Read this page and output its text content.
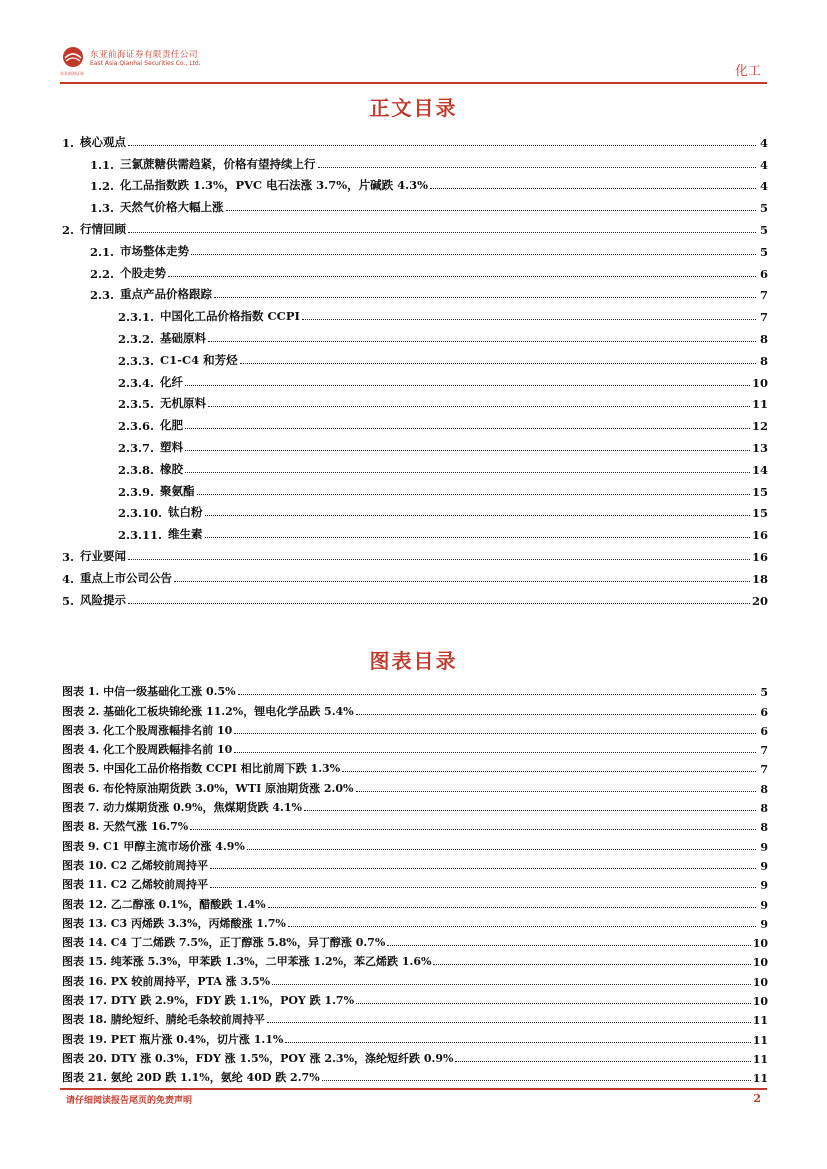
东亚前海证券有限责任公司
East Asia Qianhai Securities Co., Ltd.
东亚前海证券	化工
正文目录
1. 核心观点	4
1.1. 三氯蔗糖供需趋紧，价格有望持续上行	4
1.2. 化工品指数跌 1.3%，PVC 电石法涨 3.7%，片碱跌 4.3%	4
1.3. 天然气价格大幅上涨	5
2. 行情回顾	5
2.1. 市场整体走势	5
2.2. 个股走势	6
2.3. 重点产品价格跟踪	7
2.3.1. 中国化工品价格指数 CCPI	7
2.3.2. 基础原料	8
2.3.3. C1-C4 和芳烃	8
2.3.4. 化纤	10
2.3.5. 无机原料	11
2.3.6. 化肥	12
2.3.7. 塑料	13
2.3.8. 橡胶	14
2.3.9. 聚氨酯	15
2.3.10. 钛白粉	15
2.3.11. 维生素	16
3. 行业要闻	16
4. 重点上市公司公告	18
5. 风险提示	20
图表目录
图表 1. 中信一级基础化工涨 0.5%	5
图表 2. 基础化工板块锦纶涨 11.2%，锂电化学品跌 5.4%	6
图表 3. 化工个股周涨幅排名前 10	6
图表 4. 化工个股周跌幅排名前 10	7
图表 5. 中国化工品价格指数 CCPI 相比前周下跌 1.3%	7
图表 6. 布伦特原油期货跌 3.0%，WTI 原油期货涨 2.0%	8
图表 7. 动力煤期货涨 0.9%，焦煤期货跌 4.1%	8
图表 8. 天然气涨 16.7%	8
图表 9. C1 甲醇主流市场价涨 4.9%	9
图表 10. C2 乙烯较前周持平	9
图表 11. C2 乙烯较前周持平	9
图表 12. 乙二醇涨 0.1%，醋酸跌 1.4%	9
图表 13. C3 丙烯跌 3.3%，丙烯酸涨 1.7%	9
图表 14. C4 丁二烯跌 7.5%，正丁醇涨 5.8%，异丁醇涨 0.7%	10
图表 15. 纯苯涨 5.3%，甲苯跌 1.3%，二甲苯涨 1.2%，苯乙烯跌 1.6%	10
图表 16. PX 较前周持平，PTA 涨 3.5%	10
图表 17. DTY 跌 2.9%，FDY 跌 1.1%，POY 跌 1.7%	10
图表 18. 腈纶短纤、腈纶毛条较前周持平	11
图表 19. PET 瓶片涨 0.4%，切片涨 1.1%	11
图表 20. DTY 涨 0.3%，FDY 涨 1.5%，POY 涨 2.3%，涤纶短纤跌 0.9%	11
图表 21. 氨纶 20D 跌 1.1%，氨纶 40D 跌 2.7%	11
请仔细阅读报告尾页的免责声明	2
